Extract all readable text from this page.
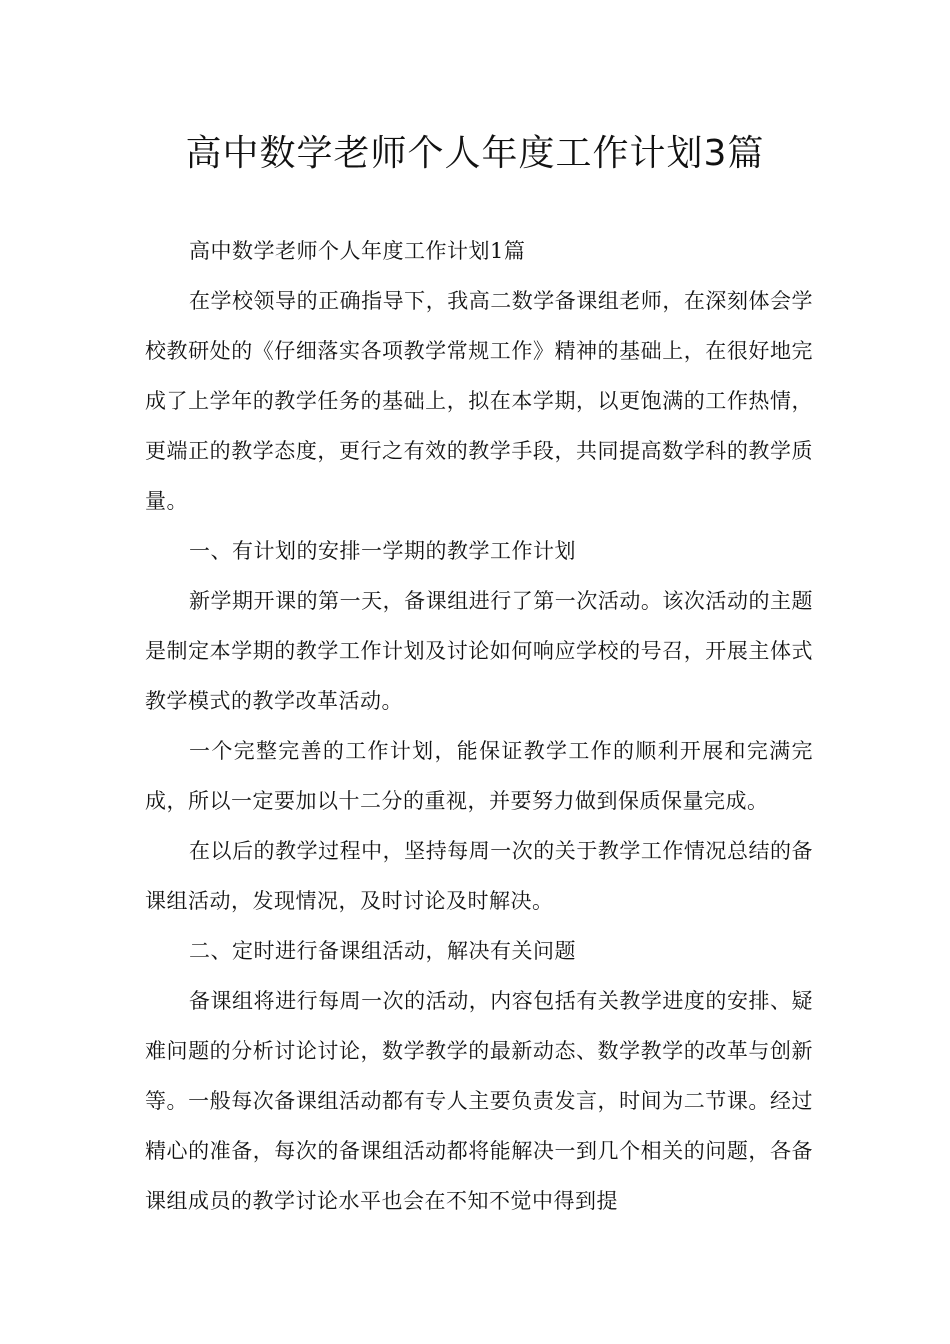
高中数学老师个人年度工作计划3篇

高中数学老师个人年度工作计划1篇

在学校领导的正确指导下，我高二数学备课组老师，在深刻体会学校教研处的《仔细落实各项教学常规工作》精神的基础上，在很好地完成了上学年的教学任务的基础上，拟在本学期，以更饱满的工作热情，更端正的教学态度，更行之有效的教学手段，共同提高数学科的教学质量。

一、有计划的安排一学期的教学工作计划

新学期开课的第一天，备课组进行了第一次活动。该次活动的主题是制定本学期的教学工作计划及讨论如何响应学校的号召，开展主体式教学模式的教学改革活动。

一个完整完善的工作计划，能保证教学工作的顺利开展和完满完成，所以一定要加以十二分的重视，并要努力做到保质保量完成。

在以后的教学过程中，坚持每周一次的关于教学工作情况总结的备课组活动，发现情况，及时讨论及时解决。

二、定时进行备课组活动，解决有关问题

备课组将进行每周一次的活动，内容包括有关教学进度的安排、疑难问题的分析讨论讨论，数学教学的最新动态、数学教学的改革与创新等。一般每次备课组活动都有专人主要负责发言，时间为二节课。经过精心的准备，每次的备课组活动都将能解决一到几个相关的问题，各备课组成员的教学讨论水平也会在不知不觉中得到提
